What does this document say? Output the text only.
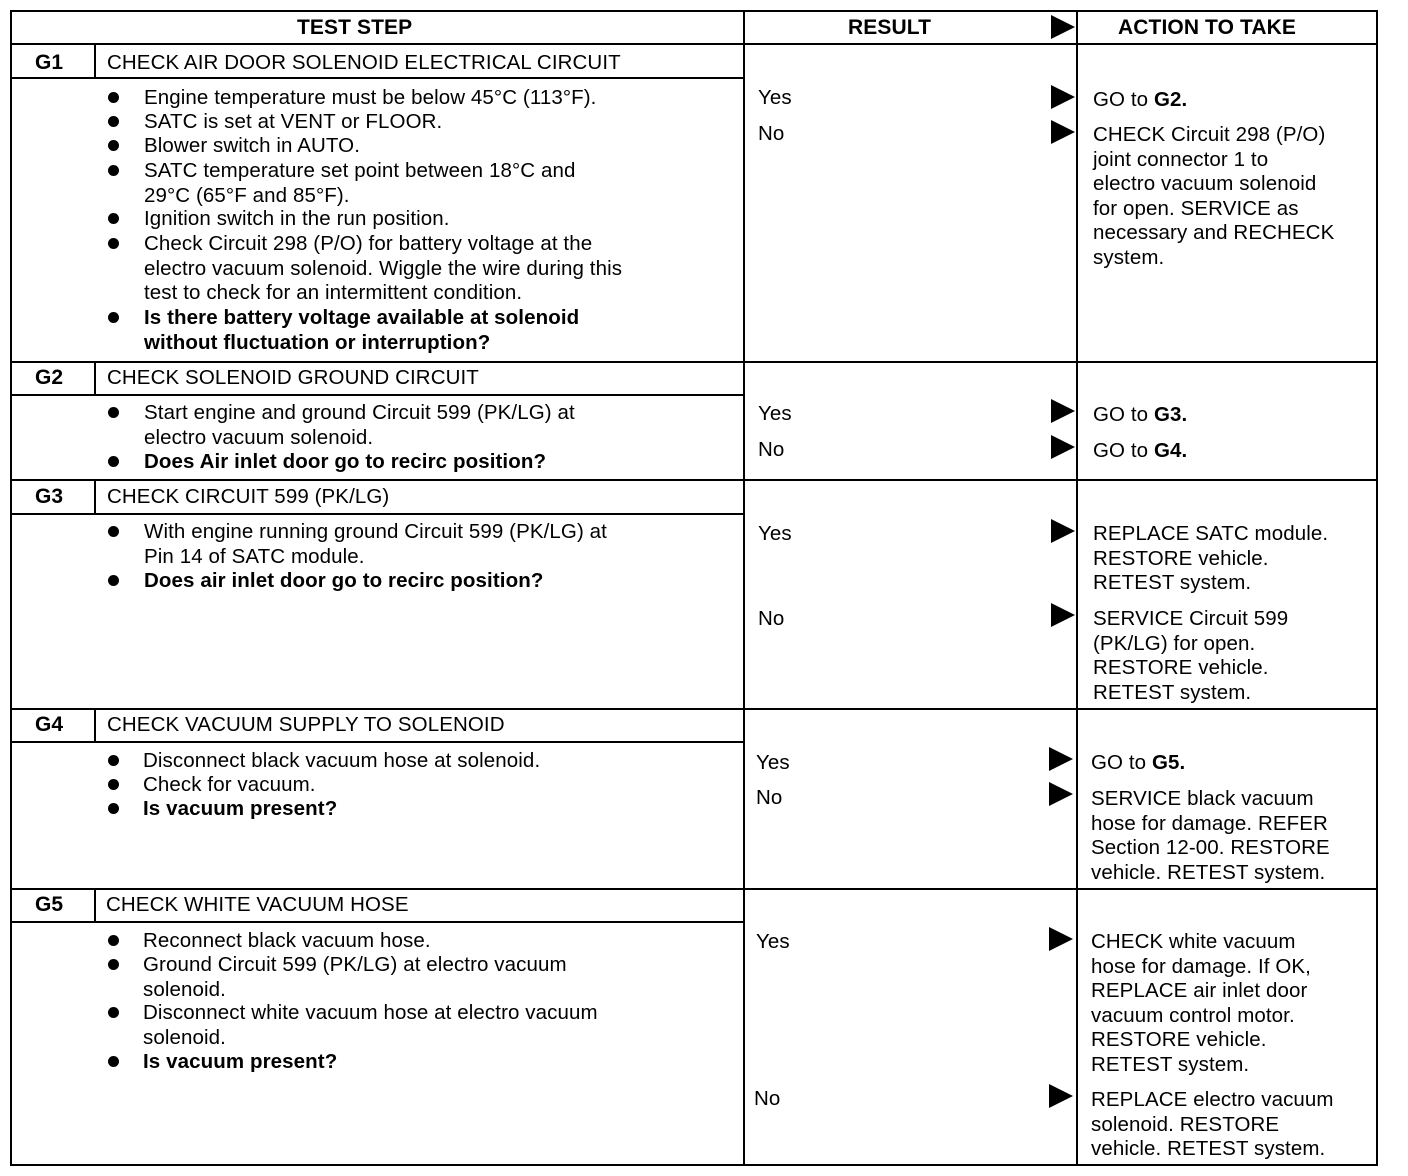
TEST STEP	RESULT	ACTION TO TAKE
G1 CHECK AIR DOOR SOLENOID ELECTRICAL CIRCUIT
Engine temperature must be below 45°C (113°F).
SATC is set at VENT or FLOOR.
Blower switch in AUTO.
SATC temperature set point between 18°C and
29°C (65°F and 85°F).
Ignition switch in the run position.
Check Circuit 298 (P/O) for battery voltage at the
electro vacuum solenoid. Wiggle the wire during this
test to check for an intermittent condition.
Is there battery voltage available at solenoid
without fluctuation or interruption?
Yes	GO to G2.
No	CHECK Circuit 298 (P/O)
joint connector 1 to
electro vacuum solenoid
for open. SERVICE as
necessary and RECHECK
system.
G2 CHECK SOLENOID GROUND CIRCUIT
Start engine and ground Circuit 599 (PK/LG) at
electro vacuum solenoid.
Does Air inlet door go to recirc position?
Yes	GO to G3.
No	GO to G4.
G3 CHECK CIRCUIT 599 (PK/LG)
With engine running ground Circuit 599 (PK/LG) at
Pin 14 of SATC module.
Does air inlet door go to recirc position?
Yes	REPLACE SATC module.
RESTORE vehicle.
RETEST system.
No	SERVICE Circuit 599
(PK/LG) for open.
RESTORE vehicle.
RETEST system.
G4 CHECK VACUUM SUPPLY TO SOLENOID
Disconnect black vacuum hose at solenoid.
Check for vacuum.
Is vacuum present?
Yes	GO to G5.
No	SERVICE black vacuum
hose for damage. REFER
Section 12-00. RESTORE
vehicle. RETEST system.
G5 CHECK WHITE VACUUM HOSE
Reconnect black vacuum hose.
Ground Circuit 599 (PK/LG) at electro vacuum
solenoid.
Disconnect white vacuum hose at electro vacuum
solenoid.
Is vacuum present?
Yes	CHECK white vacuum
hose for damage. If OK,
REPLACE air inlet door
vacuum control motor.
RESTORE vehicle.
RETEST system.
No	REPLACE electro vacuum
solenoid. RESTORE
vehicle. RETEST system.
